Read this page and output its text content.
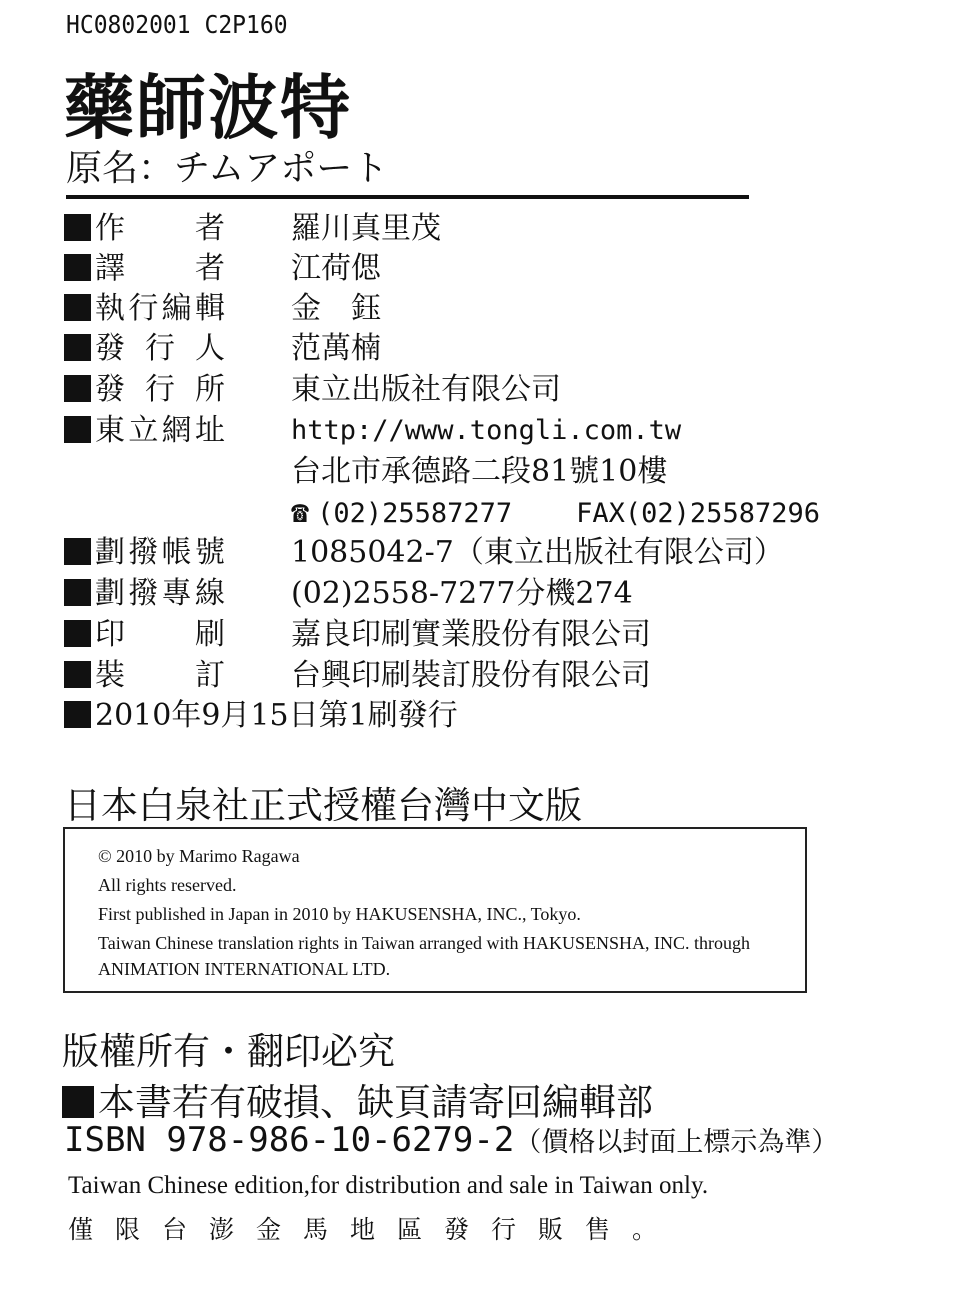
HC0802001 C2P160
藥師波特
原名：チムアポート
作　者 羅川真里茂
譯　者 江荷偲
執行編輯 金　鈺
發行人 范萬楠
發行所 東立出版社有限公司
東立網址 http://www.tongli.com.tw
台北市承德路二段81號10樓
☎ (02)25587277 FAX(02)25587296
劃撥帳號 1085042-7（東立出版社有限公司）
劃撥專線 (02)2558-7277分機274
印　刷 嘉良印刷實業股份有限公司
裝　訂 台興印刷裝訂股份有限公司
2010年9月15日第1刷發行
日本白泉社正式授權台灣中文版
© 2010 by Marimo Ragawa
All rights reserved.
First published in Japan in 2010 by HAKUSENSHA, INC., Tokyo.
Taiwan Chinese translation rights in Taiwan arranged with HAKUSENSHA, INC. through
ANIMATION INTERNATIONAL LTD.
版權所有・翻印必究
本書若有破損、缺頁請寄回編輯部
ISBN 978-986-10-6279-2（價格以封面上標示為準）
Taiwan Chinese edition,for distribution and sale in Taiwan only.
僅限台澎金馬地區發行販售。
